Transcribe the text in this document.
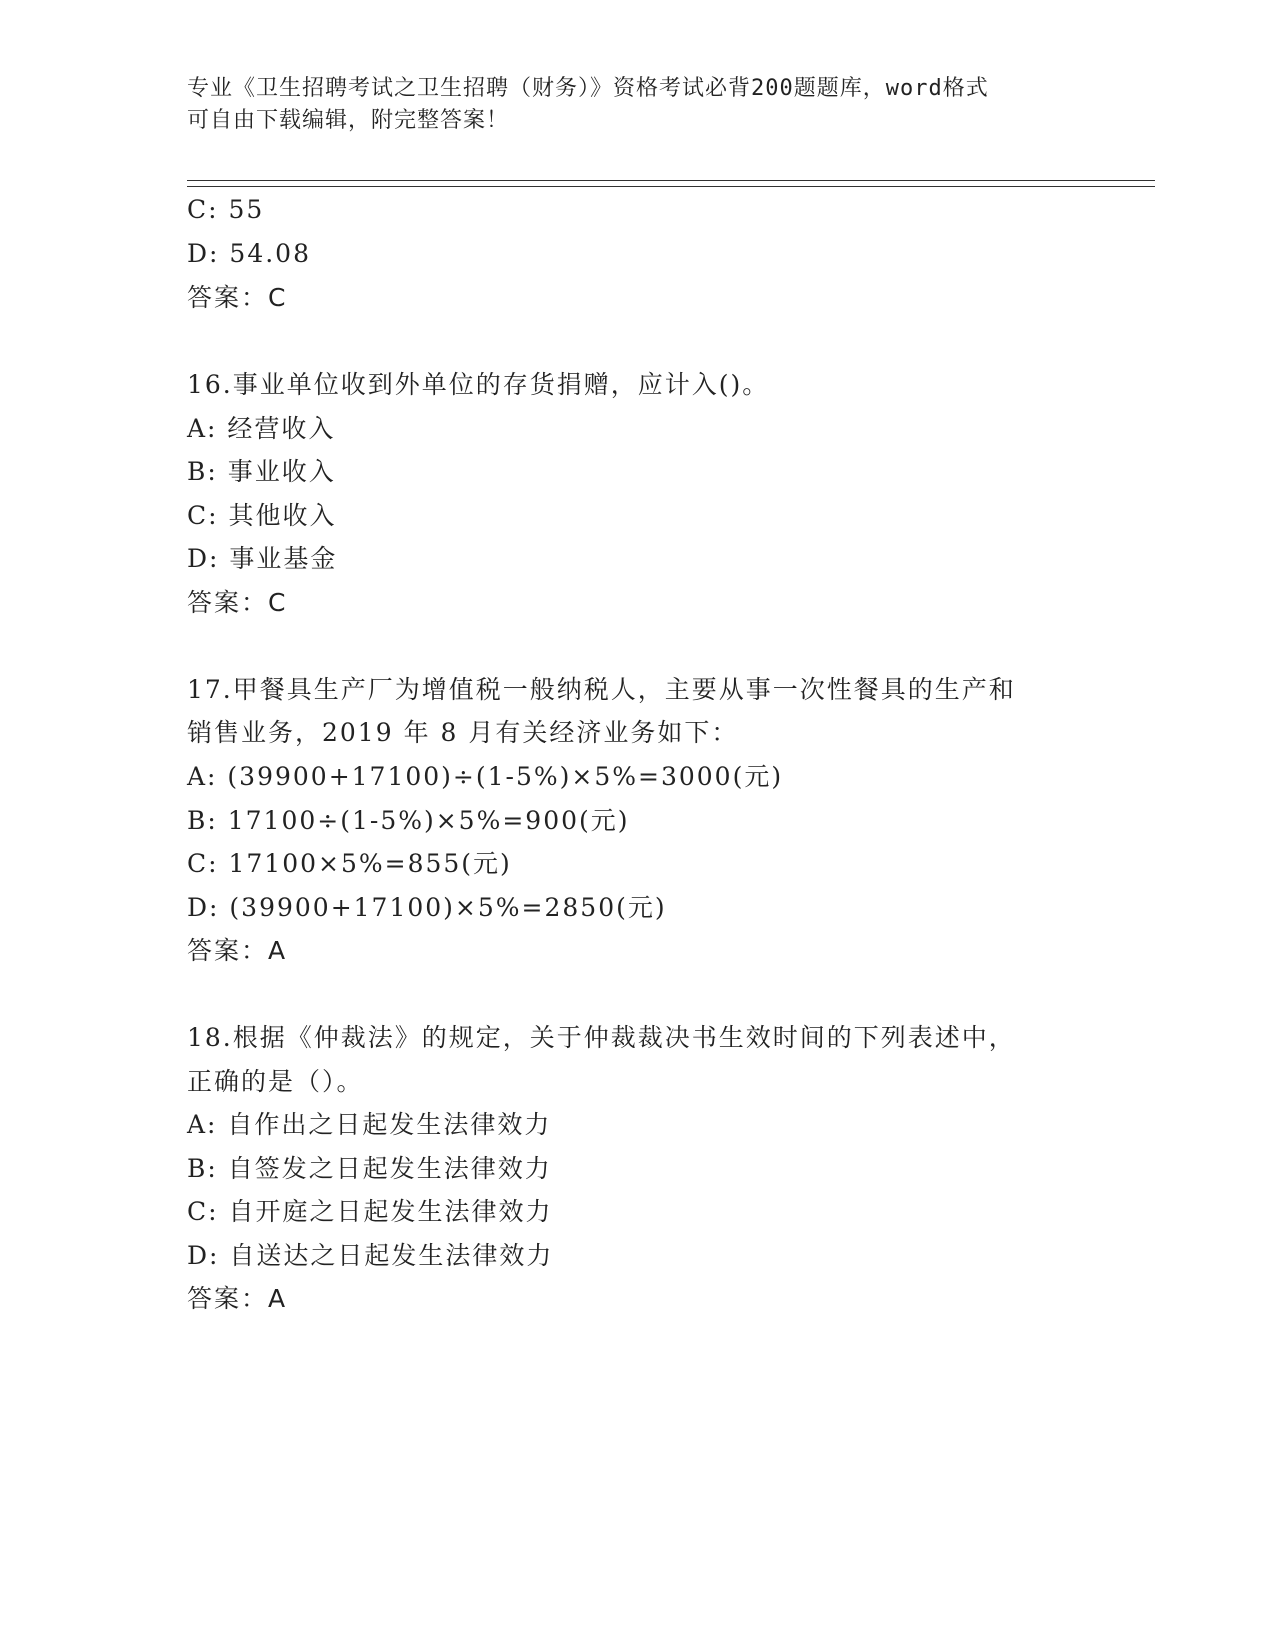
专业《卫生招聘考试之卫生招聘（财务）》资格考试必背200题题库，word格式
可自由下载编辑，附完整答案！
C: 55
D: 54.08
答案：C
16.事业单位收到外单位的存货捐赠，应计入()。
A: 经营收入
B: 事业收入
C: 其他收入
D: 事业基金
答案：C
17.甲餐具生产厂为增值税一般纳税人，主要从事一次性餐具的生产和
销售业务，2019 年 8 月有关经济业务如下：
A: (39900+17100)÷(1-5%)×5%=3000(元)
B: 17100÷(1-5%)×5%=900(元)
C: 17100×5%=855(元)
D: (39900+17100)×5%=2850(元)
答案：A
18.根据《仲裁法》的规定，关于仲裁裁决书生效时间的下列表述中，
正确的是（）。
A: 自作出之日起发生法律效力
B: 自签发之日起发生法律效力
C: 自开庭之日起发生法律效力
D: 自送达之日起发生法律效力
答案：A
